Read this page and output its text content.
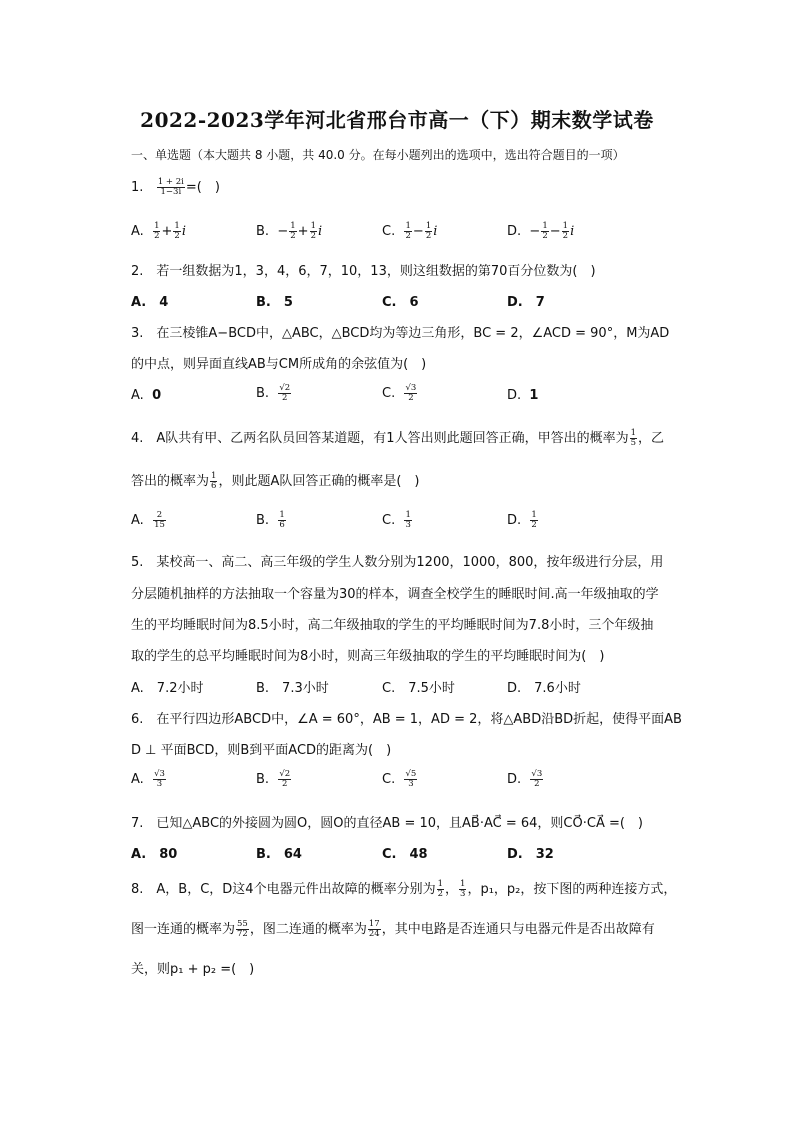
2022-2023学年河北省邢台市高一（下）期末数学试卷
一、单选题（本大题共 8 小题，共 40.0 分。在每小题列出的选项中，选出符合题目的一项）
1. $\frac{1 + 2i}{1-3i}$ =(　)
A. $\frac{1}{2} + \frac{1}{2}$ i	B. − $\frac{1}{2} + \frac{1}{2}$ i	C. $\frac{1}{2} - \frac{1}{2}$ i	D. − $\frac{1}{2} - \frac{1}{2}$ i
2.　若一组数据为1，3，4，6，7，10，13，则这组数据的第70百分位数为(　)
A.　4	B.　5	C.　6	D.　7
3.　在三棱锥A−BCD中，△ABC，△BCD均为等边三角形，BC = 2，∠ACD = 90°，M为AD
的中点，则异面直线AB与CM所成角的余弦值为(　)
A. 0	B. $\frac{√2}{2}$	C. $\frac{√3}{2}$	D. 1
4.　A队共有甲、乙两名队员回答某道题，有1人答出则此题回答正确，甲答出的概率为 $\frac{1}{5}$ ，乙
答出的概率为 $\frac{1}{6}$ ，则此题A队回答正确的概率是(　)
A. $\frac{2}{15}$	B. $\frac{1}{6}$	C. $\frac{1}{3}$	D. $\frac{1}{2}$
5.　某校高一、高二、高三年级的学生人数分别为1200，1000，800，按年级进行分层，用
分层随机抽样的方法抽取一个容量为30的样本，调查全校学生的睡眠时间.高一年级抽取的学
生的平均睡眠时间为8.5小时，高二年级抽取的学生的平均睡眠时间为7.8小时，三个年级抽
取的学生的总平均睡眠时间为8小时，则高三年级抽取的学生的平均睡眠时间为(　)
A.　7.2小时	B.　7.3小时	C.　7.5小时	D.　7.6小时
6.　在平行四边形ABCD中，∠A = 60°，AB = 1，AD = 2，将△ABD沿BD折起，使得平面AB
D ⊥ 平面BCD，则B到平面ACD的距离为(　)
A. $\frac{√3}{3}$	B. $\frac{√2}{2}$	C. $\frac{√5}{3}$	D. $\frac{√3}{2}$
7.　已知△ABC的外接圆为圆O，圆O的直径AB = 10，且AB⃗·AC⃗ = 64，则CO⃗·CA⃗ =(　)
A.　80	B.　64	C.　48	D.　32
8.　A，B，C，D这4个电器元件出故障的概率分别为 $\frac{1}{2}$ ， $\frac{1}{3}$ ，p₁，p₂，按下图的两种连接方式，
图一连通的概率为 $\frac{55}{72}$ ，图二连通的概率为 $\frac{17}{24}$ ，其中电路是否连通只与电器元件是否出故障有
关，则p₁ + p₂ =(　)
